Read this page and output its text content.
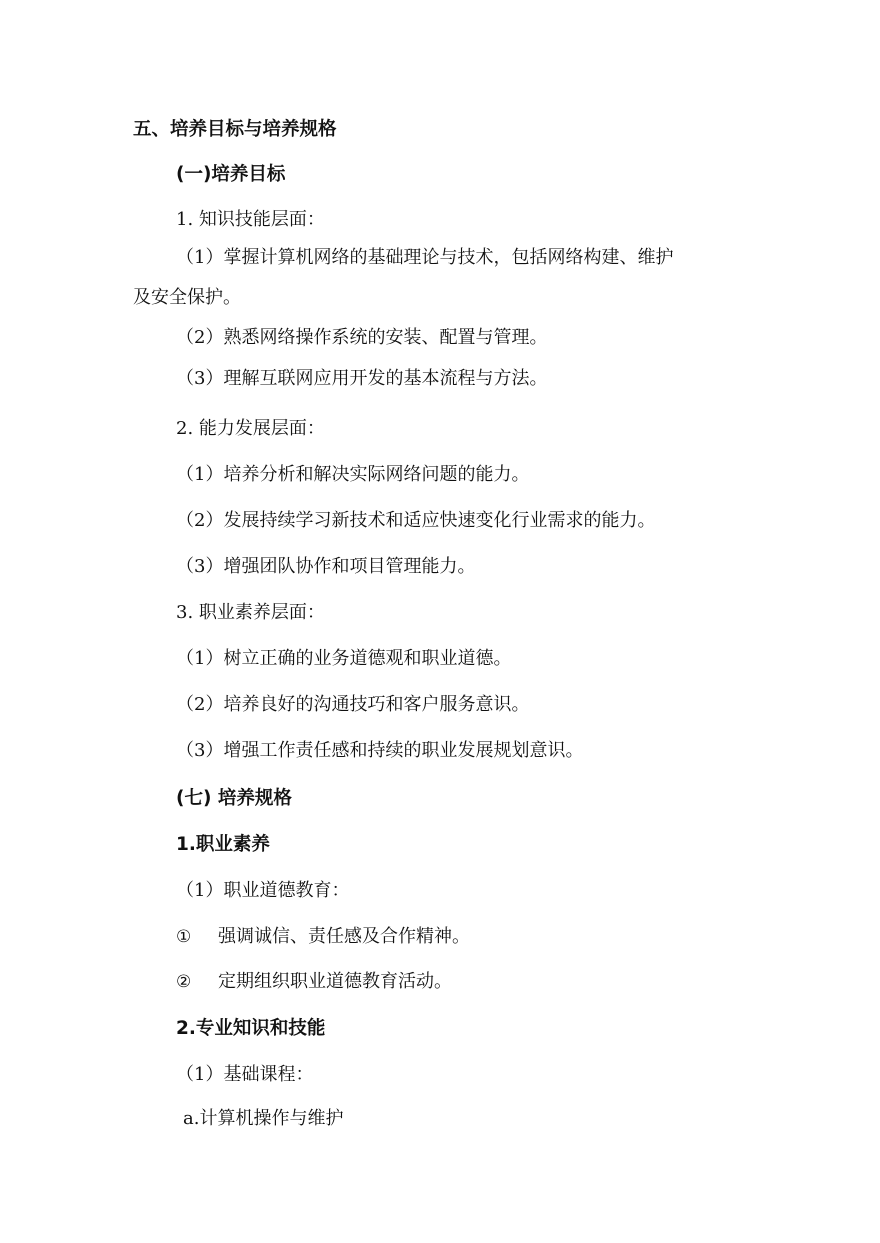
五、培养目标与培养规格
(一)培养目标
1. 知识技能层面：
（1）掌握计算机网络的基础理论与技术，包括网络构建、维护
及安全保护。
（2）熟悉网络操作系统的安装、配置与管理。
（3）理解互联网应用开发的基本流程与方法。
2. 能力发展层面：
（1）培养分析和解决实际网络问题的能力。
（2）发展持续学习新技术和适应快速变化行业需求的能力。
（3）增强团队协作和项目管理能力。
3. 职业素养层面：
（1）树立正确的业务道德观和职业道德。
（2）培养良好的沟通技巧和客户服务意识。
（3）增强工作责任感和持续的职业发展规划意识。
(七) 培养规格
1.职业素养
（1）职业道德教育：
① 强调诚信、责任感及合作精神。
② 定期组织职业道德教育活动。
2.专业知识和技能
（1）基础课程：
a.计算机操作与维护
